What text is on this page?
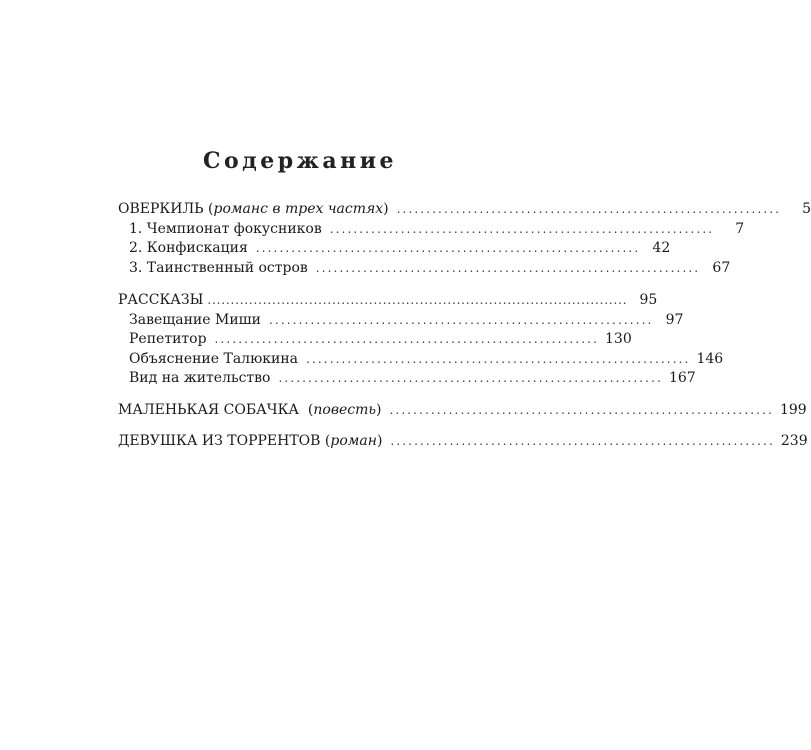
Содержание
ОВЕРКИЛЬ (романс в трех частях) .................................................................	5
1. Чемпионат фокусников .................................................................	7
2. Конфискация ................................................................. 42
3. Таинственный остров ................................................................. 67
РАССКАЗЫ ........................................................................................... 95
Завещание Миши ................................................................. 97
Репетитор ................................................................. 130
Объяснение Талюкина ................................................................. 146
Вид на жительство ................................................................. 167
МАЛЕНЬКАЯ СОБАЧКА  (повесть) ................................................................. 199
ДЕВУШКА ИЗ ТОРРЕНТОВ (роман) ................................................................. 239
